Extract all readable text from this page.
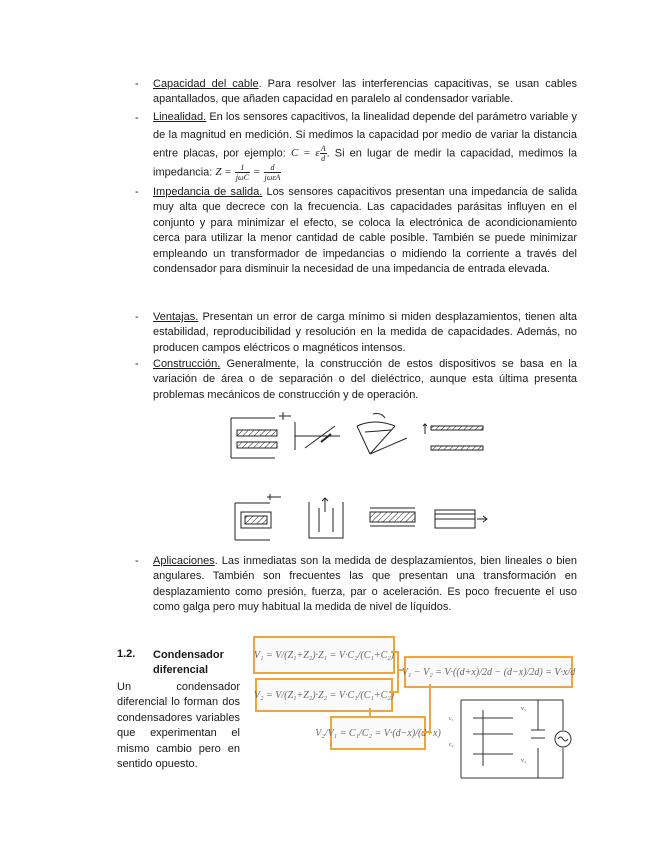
- Capacidad del cable. Para resolver las interferencias capacitivas, se usan cables apantallados, que añaden capacidad en paralelo al condensador variable.
- Linealidad. En los sensores capacitivos, la linealidad depende del parámetro variable y de la magnitud en medición. Si medimos la capacidad por medio de variar la distancia entre placas, por ejemplo: C = ε $\frac{A}{d}$ . Si en lugar de medir la capacidad, medimos la impedancia: $Z = \frac{1}{\text{jωC}} = \frac{d}{\text{jωεA}}$
- Impedancia de salida. Los sensores capacitivos presentan una impedancia de salida muy alta que decrece con la frecuencia. Las capacidades parásitas influyen en el conjunto y para minimizar el efecto, se coloca la electrónica de acondicionamiento cerca para utilizar la menor cantidad de cable posible. También se puede minimizar empleando un transformador de impedancias o midiendo la corriente a través del condensador para disminuir la necesidad de una impedancia de entrada elevada.
- Ventajas. Presentan un error de carga mínimo si miden desplazamientos, tienen alta estabilidad, reproducibilidad y resolución en la medida de capacidades. Además, no producen campos eléctricos o magnéticos intensos.
- Construcción. Generalmente, la construcción de estos dispositivos se basa en la variación de área o de separación o del dieléctrico, aunque esta última presenta problemas mecánicos de construcción y de operación.
- Aplicaciones. Las inmediatas son la medida de desplazamientos, bien lineales o bien angulares. También son frecuentes las que presentan una transformación en desplazamiento como presión, fuerza, par o aceleración. Es poco frecuente el uso como galga pero muy habitual la medida de nivel de líquidos.
1.2. Condensador diferencial
Un condensador diferencial lo forman dos condensadores variables que experimentan el mismo cambio pero en sentido opuesto.
V₁ = V/(Z₁+Z₂)·Z₁ = V·C₂/(C₁+C₂)
V₂ = V/(Z₁+Z₂)·Z₂ = V·C₁/(C₁+C₂)
V₁ − V₂ = V·((d+x)/2d − (d−x)/2d) = V·x/d
V₂/V₁ = C₁/C₂ = V·(d−x)/(d+x)
c₁
c₂
v₁
v₂
